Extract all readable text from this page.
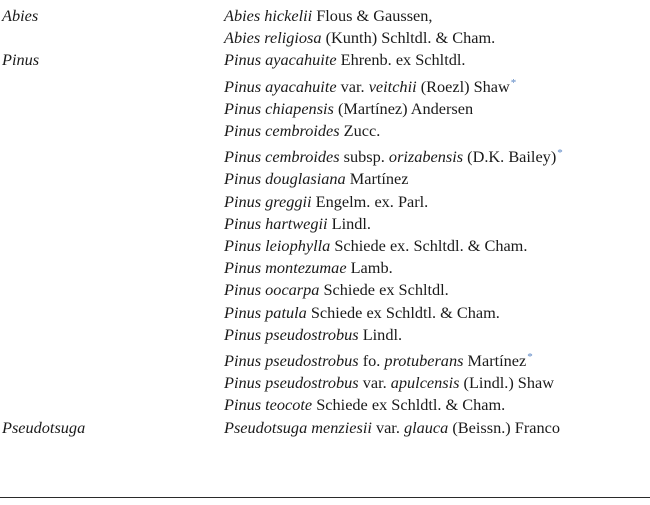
Abies	Abies hickelii Flous & Gaussen,
	Abies religiosa (Kunth) Schltdl. & Cham.
Pinus	Pinus ayacahuite Ehrenb. ex Schltdl.
	Pinus ayacahuite var. veitchii (Roezl) Shaw*
	Pinus chiapensis (Martínez) Andersen
	Pinus cembroides Zucc.
	Pinus cembroides subsp. orizabensis (D.K. Bailey)*
	Pinus douglasiana Martínez
	Pinus greggii Engelm. ex. Parl.
	Pinus hartwegii Lindl.
	Pinus leiophylla Schiede ex. Schltdl. & Cham.
	Pinus montezumae Lamb.
	Pinus oocarpa Schiede ex Schltdl.
	Pinus patula Schiede ex Schldtl. & Cham.
	Pinus pseudostrobus Lindl.
	Pinus pseudostrobus fo. protuberans Martínez*
	Pinus pseudostrobus var. apulcensis (Lindl.) Shaw
	Pinus teocote Schiede ex Schldtl. & Cham.
Pseudotsuga	Pseudotsuga menziesii var. glauca (Beissn.) Franco
